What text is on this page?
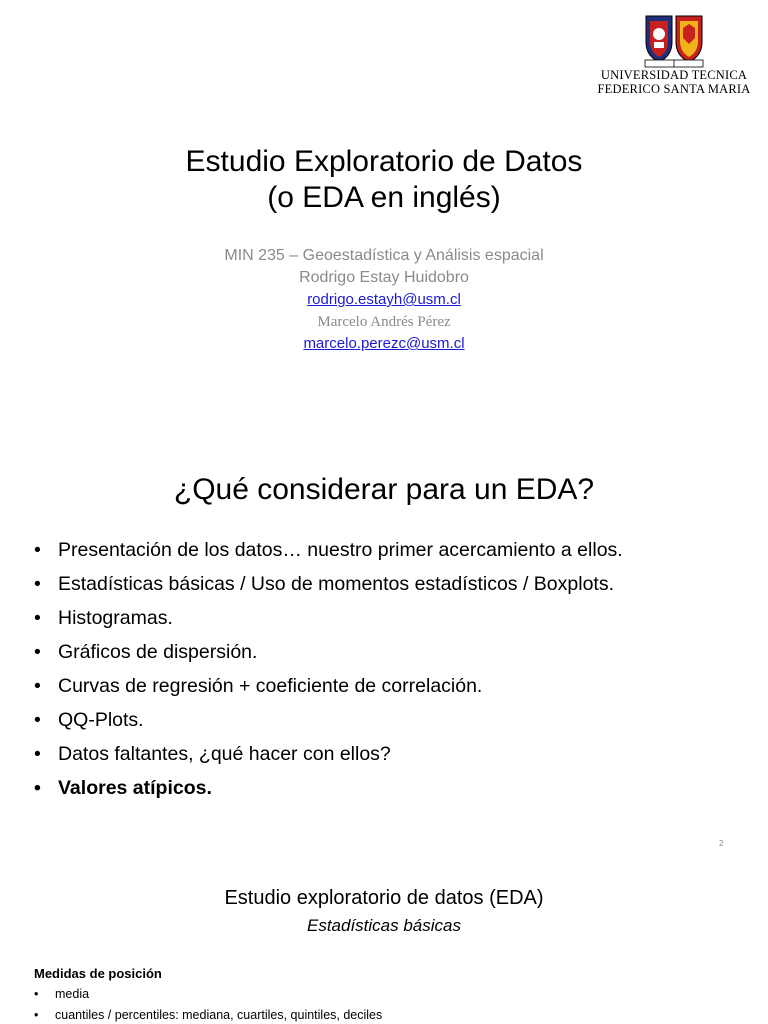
UNIVERSIDAD TECNICA
FEDERICO SANTA MARIA
Estudio Exploratorio de Datos
(o EDA en inglés)
MIN 235 – Geoestadística y Análisis espacial
Rodrigo Estay Huidobro
rodrigo.estayh@usm.cl
Marcelo Andrés Pérez
marcelo.perezc@usm.cl
¿Qué considerar para un EDA?
• Presentación de los datos… nuestro primer acercamiento a ellos.
• Estadísticas básicas / Uso de momentos estadísticos / Boxplots.
• Histogramas.
• Gráficos de dispersión.
• Curvas de regresión + coeficiente de correlación.
• QQ-Plots.
• Datos faltantes, ¿qué hacer con ellos?
• Valores atípicos.
2
Estudio exploratorio de datos (EDA)
Estadísticas básicas
Medidas de posición
• media
• cuantiles / percentiles: mediana, cuartiles, quintiles, deciles
